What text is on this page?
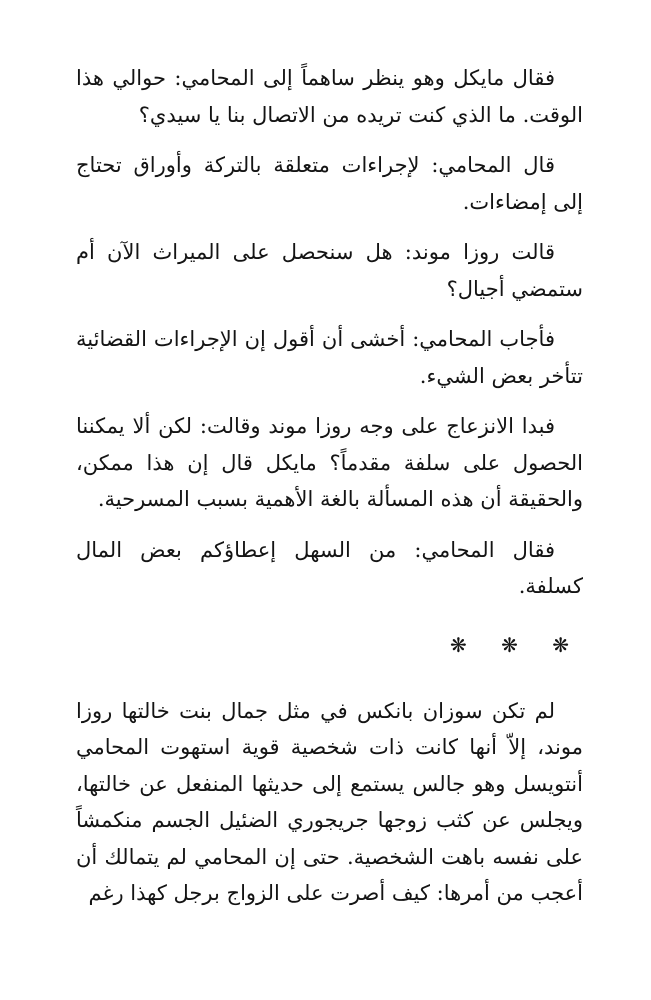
فقال مايكل وهو ينظر ساهماً إلى المحامي: حوالي هذا الوقت. ما الذي كنت تريده من الاتصال بنا يا سيدي؟

قال المحامي: لإجراءات متعلقة بالتركة وأوراق تحتاج إلى إمضاءات.

قالت روزا موند: هل سنحصل على الميراث الآن أم ستمضي أجيال؟

فأجاب المحامي: أخشى أن أقول إن الإجراءات القضائية تتأخر بعض الشيء.

فبدا الانزعاج على وجه روزا موند وقالت: لكن ألا يمكننا الحصول على سلفة مقدماً؟ مايكل قال إن هذا ممكن، والحقيقة أن هذه المسألة بالغة الأهمية بسبب المسرحية.

فقال المحامي: من السهل إعطاؤكم بعض المال كسلفة.

❋ ❋ ❋

لم تكن سوزان بانكس في مثل جمال بنت خالتها روزا موند، إلاّ أنها كانت ذات شخصية قوية استهوت المحامي أنتويسل وهو جالس يستمع إلى حديثها المنفعل عن خالتها، ويجلس عن كثب زوجها جريجوري الضئيل الجسم منكمشاً على نفسه باهت الشخصية. حتى إن المحامي لم يتمالك أن أعجب من أمرها: كيف أصرت على الزواج برجل كهذا رغم
